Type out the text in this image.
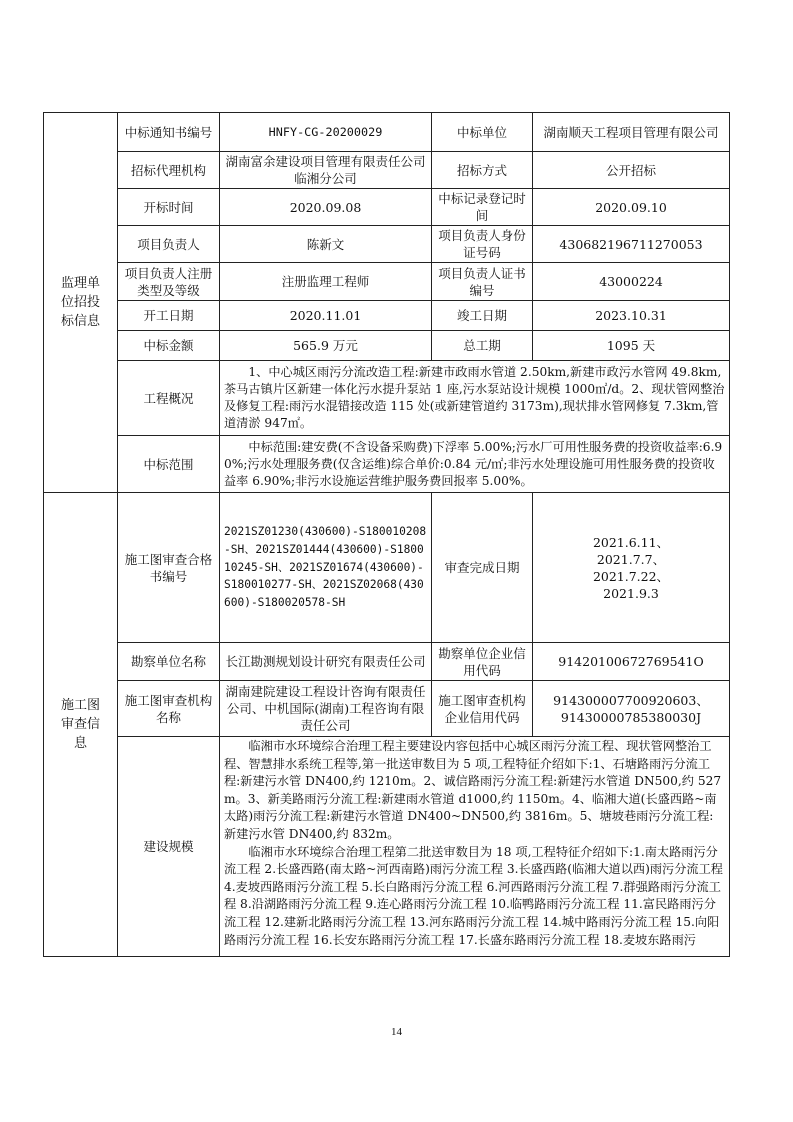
监理单位招投标信息	中标通知书编号	HNFY-CG-20200029	中标单位	湖南顺天工程项目管理有限公司
	招标代理机构	湖南富余建设项目管理有限责任公司临湘分公司	招标方式	公开招标
	开标时间	2020.09.08	中标记录登记时间	2020.09.10
	项目负责人	陈新文	项目负责人身份证号码	430682196711270053
	项目负责人注册类型及等级	注册监理工程师	项目负责人证书编号	43000224
	开工日期	2020.11.01	竣工日期	2023.10.31
	中标金额	565.9 万元	总工期	1095 天
	工程概况	1、中心城区雨污分流改造工程:新建市政雨水管道 2.50km,新建市政污水管网 49.8km,茶马古镇片区新建一体化污水提升泵站 1 座,污水泵站设计规模 1000㎡/d。2、现状管网整治及修复工程:雨污水混错接改造 115 处(或新建管道约 3173m),现状排水管网修复 7.3km,管道清淤 947㎡。		
	中标范围	中标范围:建安费(不含设备采购费)下浮率 5.00%;污水厂可用性服务费的投资收益率:6.90%;污水处理服务费(仅含运维)综合单价:0.84 元/㎡;非污水处理设施可用性服务费的投资收益率 6.90%;非污水设施运营维护服务费回报率 5.00%。		
施工图审查信息	施工图审查合格书编号	2021SZ01230(430600)-S180010208-SH、2021SZ01444(430600)-S180010245-SH、2021SZ01674(430600)-S180010277-SH、2021SZ02068(430600)-S180020578-SH	审查完成日期	2021.6.11、
2021.7.7、
2021.7.22、
2021.9.3

	勘察单位名称	长江勘测规划设计研究有限责任公司	勘察单位企业信用代码	91420100672769541O
	施工图审查机构名称	湖南建院建设工程设计咨询有限责任公司、中机国际(湖南)工程咨询有限责任公司	施工图审查机构企业信用代码	914300007700920603、
91430000785380030J

	建设规模	临湘市水环境综合治理工程主要建设内容包括中心城区雨污分流工程、现状管网整治工程、智慧排水系统工程等,第一批送审数目为 5 项,工程特征介绍如下:1、石塘路雨污分流工程:新建污水管 DN400,约 1210m。2、诚信路雨污分流工程:新建污水管道 DN500,约 527m。3、新美路雨污分流工程:新建雨水管道 d1000,约 1150m。4、临湘大道(长盛西路~南太路)雨污分流工程:新建污水管道 DN400~DN500,约 3816m。5、塘坡巷雨污分流工程:新建污水管 DN400,约 832m。

临湘市水环境综合治理工程第二批送审数目为 18 项,工程特征介绍如下:1.南太路雨污分流工程 2.长盛西路(南太路~河西南路)雨污分流工程 3.长盛西路(临湘大道以西)雨污分流工程 4.麦坡西路雨污分流工程 5.长白路雨污分流工程 6.河西路雨污分流工程 7.群强路雨污分流工程 8.沿湖路雨污分流工程 9.连心路雨污分流工程 10.临鸭路雨污分流工程 11.富民路雨污分流工程 12.建新北路雨污分流工程 13.河东路雨污分流工程 14.城中路雨污分流工程 15.向阳路雨污分流工程 16.长安东路雨污分流工程 17.长盛东路雨污分流工程 18.麦坡东路雨污		

14
